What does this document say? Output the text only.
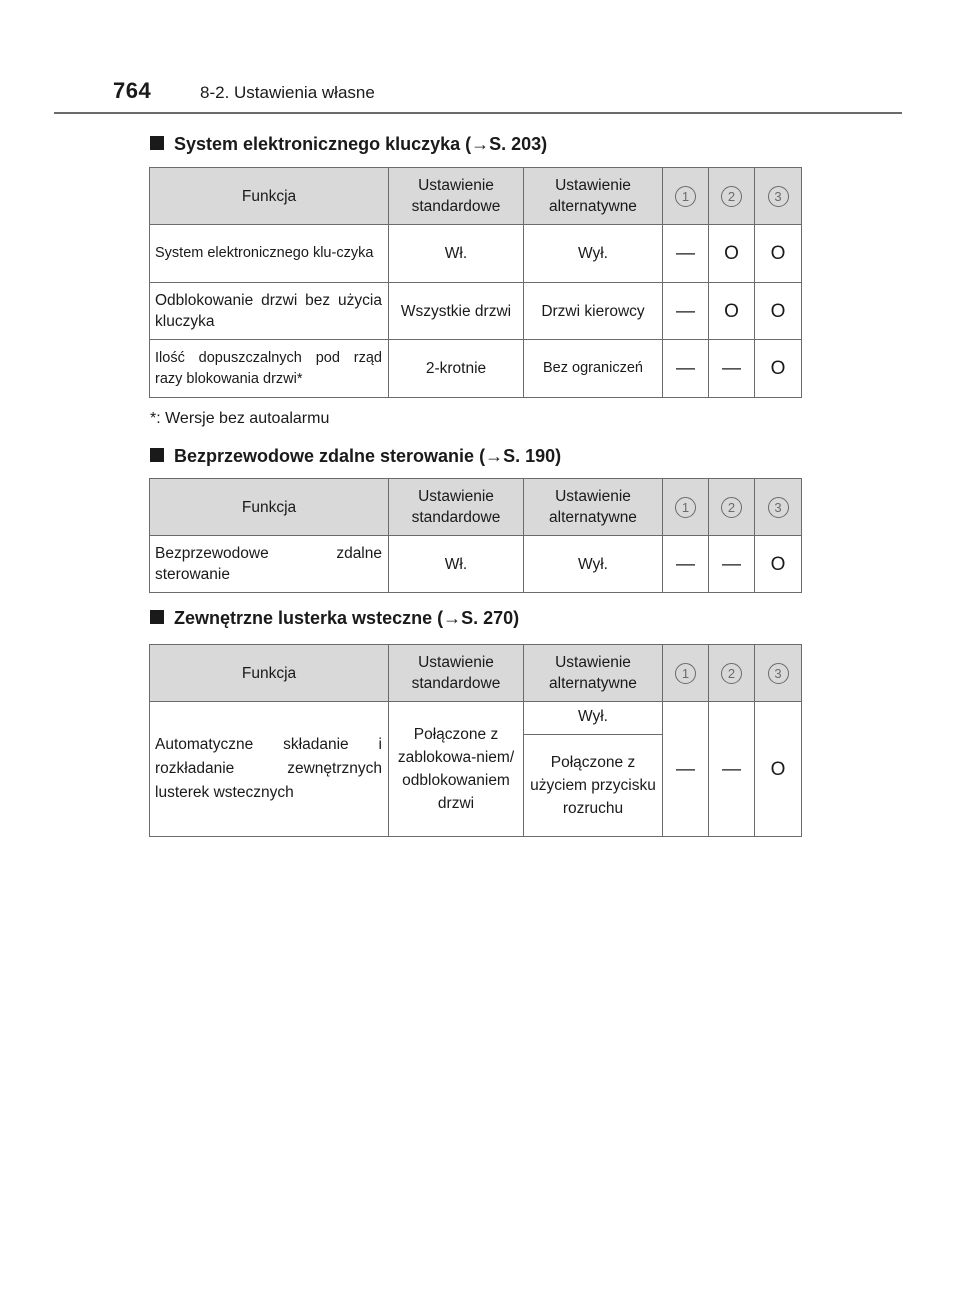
764	8-2. Ustawienia własne
System elektronicznego kluczyka (→S. 203)
Funkcja	Ustawienie standardowe	Ustawienie alternatywne	1	2	3
System elektronicznego klu-czyka	Wł.	Wył.	—	O	O
Odblokowanie drzwi bez użycia kluczyka	Wszystkie drzwi	Drzwi kierowcy	—	O	O
Ilość dopuszczalnych pod rząd razy blokowania drzwi*	2-krotnie	Bez ograniczeń	—	—	O
*: Wersje bez autoalarmu
Bezprzewodowe zdalne sterowanie (→S. 190)
Funkcja	Ustawienie standardowe	Ustawienie alternatywne	1	2	3
Bezprzewodowe zdalne sterowanie	Wł.	Wył.	—	—	O
Zewnętrzne lusterka wsteczne (→S. 270)
Funkcja	Ustawienie standardowe	Ustawienie alternatywne	1	2	3
Automatyczne składanie i rozkładanie zewnętrznych lusterek wstecznych	Połączone z zablokowa-niem/ odblokowaniem drzwi	Wył.	—	—	O
		Połączone z użyciem przycisku rozruchu			
